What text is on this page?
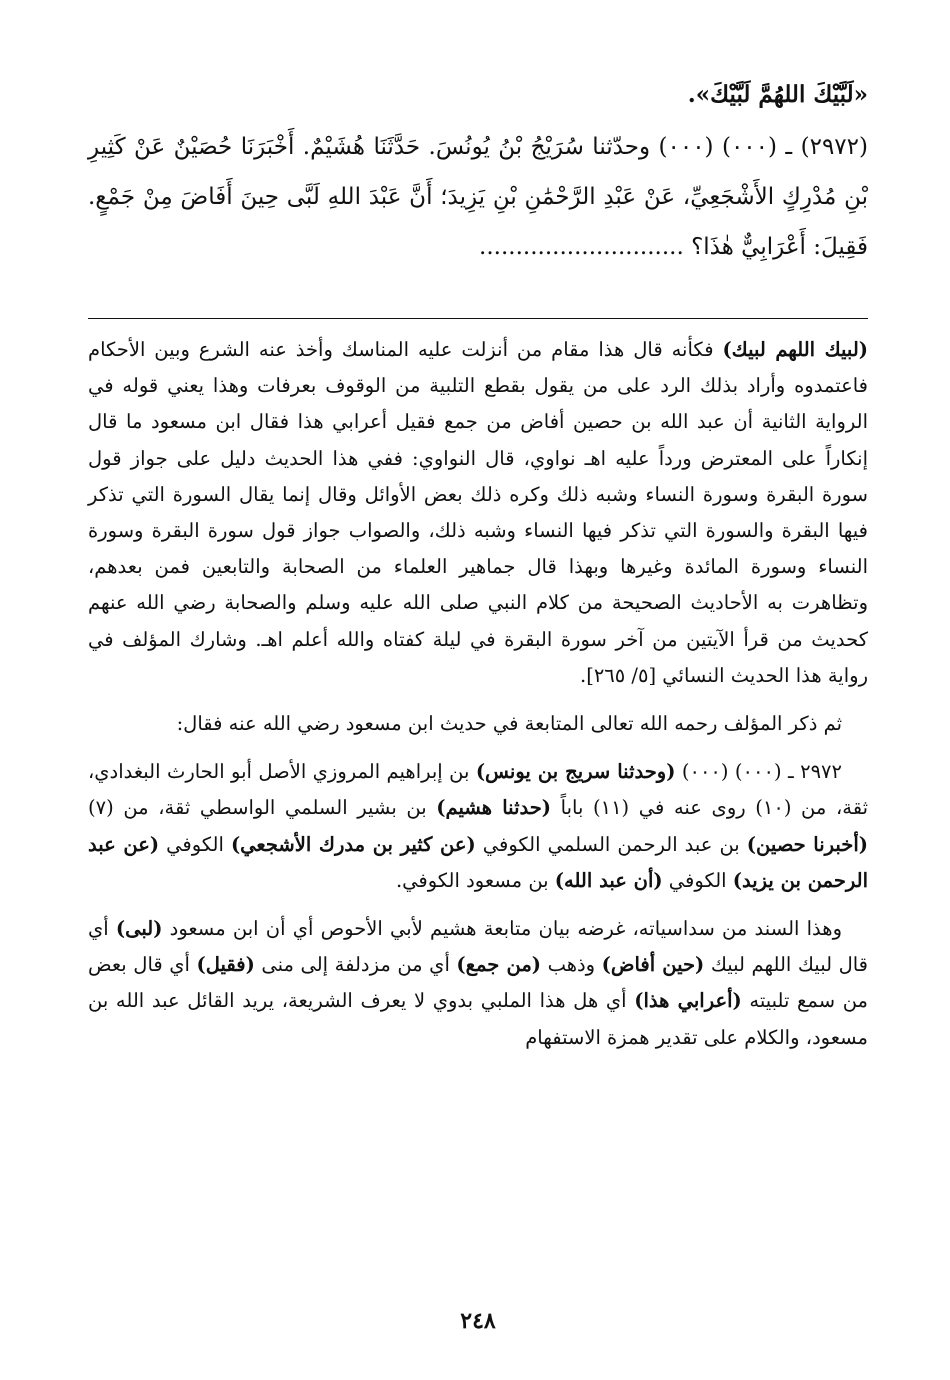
«لَبَّيْكَ اللهُمَّ لَبَّيْكَ».

(٢٩٧٢) ـ (٠٠٠) (٠٠٠) وحدّثنا سُرَيْجُ بْنُ يُونُسَ. حَدَّثَنَا هُشَيْمٌ. أَخْبَرَنَا حُصَيْنٌ عَنْ كَثِيرِ بْنِ مُدْرِكٍ الأَشْجَعِيِّ، عَنْ عَبْدِ الرَّحْمَٰنِ بْنِ يَزِيدَ؛ أَنَّ عَبْدَ اللهِ لَبَّى حِينَ أَفَاضَ مِنْ جَمْعٍ. فَقِيلَ: أَعْرَابِيٌّ هٰذَا؟ ............................

(لبيك اللهم لبيك) فكأنه قال هذا مقام من أنزلت عليه المناسك وأخذ عنه الشرع وبين الأحكام فاعتمدوه وأراد بذلك الرد على من يقول بقطع التلبية من الوقوف بعرفات وهذا يعني قوله في الرواية الثانية أن عبد الله بن حصين أفاض من جمع فقيل أعرابي هذا فقال ابن مسعود ما قال إنكاراً على المعترض ورداً عليه اهـ نواوي، قال النواوي: ففي هذا الحديث دليل على جواز قول سورة البقرة وسورة النساء وشبه ذلك وكره ذلك بعض الأوائل وقال إنما يقال السورة التي تذكر فيها البقرة والسورة التي تذكر فيها النساء وشبه ذلك، والصواب جواز قول سورة البقرة وسورة النساء وسورة المائدة وغيرها وبهذا قال جماهير العلماء من الصحابة والتابعين فمن بعدهم، وتظاهرت به الأحاديث الصحيحة من كلام النبي صلى الله عليه وسلم والصحابة رضي الله عنهم كحديث من قرأ الآيتين من آخر سورة البقرة في ليلة كفتاه والله أعلم اهـ. وشارك المؤلف في رواية هذا الحديث النسائي [٥/ ٢٦٥].

ثم ذكر المؤلف رحمه الله تعالى المتابعة في حديث ابن مسعود رضي الله عنه فقال:

٢٩٧٢ ـ (٠٠٠) (٠٠٠) (وحدثنا سريج بن يونس) بن إبراهيم المروزي الأصل أبو الحارث البغدادي، ثقة، من (١٠) روى عنه في (١١) باباً (حدثنا هشيم) بن بشير السلمي الواسطي ثقة، من (٧) (أخبرنا حصين) بن عبد الرحمن السلمي الكوفي (عن كثير بن مدرك الأشجعي) الكوفي (عن عبد الرحمن بن يزيد) الكوفي (أن عبد الله) بن مسعود الكوفي.

وهذا السند من سداسياته، غرضه بيان متابعة هشيم لأبي الأحوص أي أن ابن مسعود (لبى) أي قال لبيك اللهم لبيك (حين أفاض) وذهب (من جمع) أي من مزدلفة إلى منى (فقيل) أي قال بعض من سمع تلبيته (أعرابي هذا) أي هل هذا الملبي بدوي لا يعرف الشريعة، يريد القائل عبد الله بن مسعود، والكلام على تقدير همزة الاستفهام

٢٤٨
